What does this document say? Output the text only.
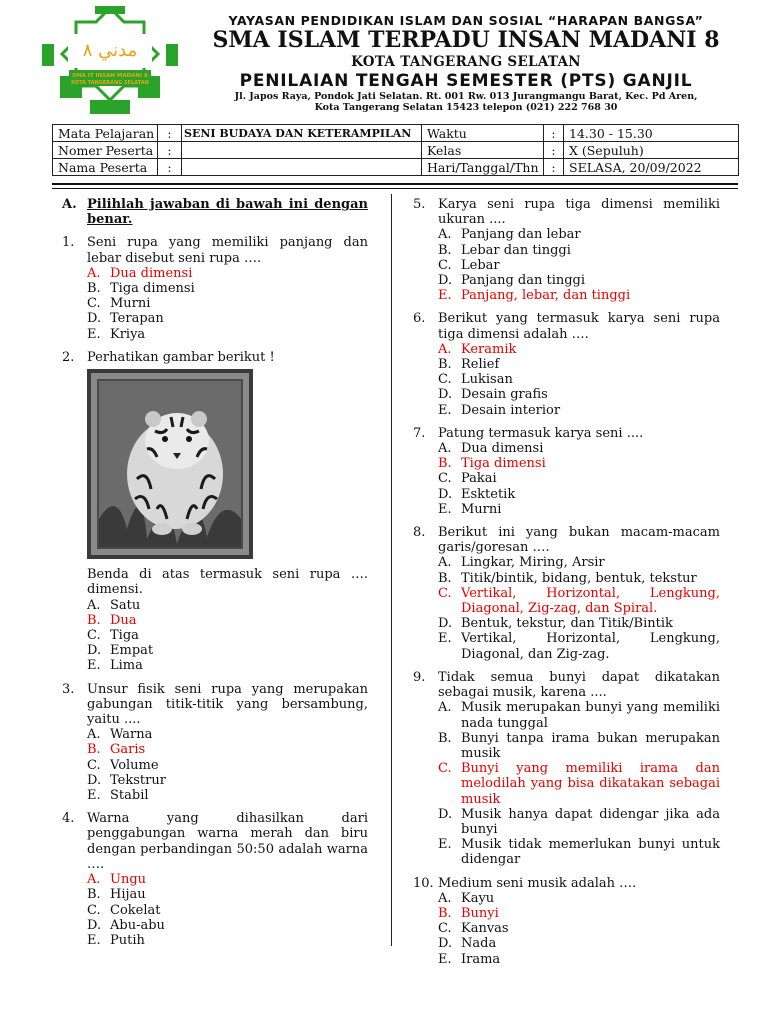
مدني ٨
SMA IT INSAN MADANI 8
KOTA TANGERANG SELATAN
YAYASAN PENDIDIKAN ISLAM DAN SOSIAL “HARAPAN BANGSA”
SMA ISLAM TERPADU INSAN MADANI 8
KOTA TANGERANG SELATAN
PENILAIAN TENGAH SEMESTER (PTS) GANJIL
Jl. Japos Raya, Pondok Jati Selatan. Rt. 001 Rw. 013 Jurangmangu Barat, Kec. Pd Aren,
Kota Tangerang Selatan 15423 telepon (021) 222 768 30
Mata Pelajaran	:	SENI BUDAYA DAN KETERAMPILAN	Waktu	:	14.30 - 15.30
Nomer Peserta	:		Kelas	:	X (Sepuluh)
Nama Peserta	:		Hari/Tanggal/Thn	:	SELASA, 20/09/2022
A. Pilihlah jawaban di bawah ini dengan benar.
1. Seni rupa yang memiliki panjang dan lebar disebut seni rupa ….
A. Dua dimensi
B. Tiga dimensi
C. Murni
D. Terapan
E. Kriya
2. Perhatikan gambar berikut !
Benda di atas termasuk seni rupa …. dimensi.
A. Satu
B. Dua
C. Tiga
D. Empat
E. Lima
3. Unsur fisik seni rupa yang merupakan gabungan titik-titik yang bersambung, yaitu ....
A. Warna
B. Garis
C. Volume
D. Tekstrur
E. Stabil
4. Warna yang dihasilkan dari penggabungan warna merah dan biru dengan perbandingan 50:50 adalah warna ….
A. Ungu
B. Hijau
C. Cokelat
D. Abu-abu
E. Putih
5. Karya seni rupa tiga dimensi memiliki ukuran ....
A. Panjang dan lebar
B. Lebar dan tinggi
C. Lebar
D. Panjang dan tinggi
E. Panjang, lebar, dan tinggi
6. Berikut yang termasuk karya seni rupa tiga dimensi adalah ….
A. Keramik
B. Relief
C. Lukisan
D. Desain grafis
E. Desain interior
7. Patung termasuk karya seni ....
A. Dua dimensi
B. Tiga dimensi
C. Pakai
D. Esktetik
E. Murni
8. Berikut ini yang bukan macam-macam garis/goresan ….
A. Lingkar, Miring, Arsir
B. Titik/bintik, bidang, bentuk, tekstur
C. Vertikal, Horizontal, Lengkung, Diagonal, Zig-zag, dan Spiral.
D. Bentuk, tekstur, dan Titik/Bintik
E. Vertikal, Horizontal, Lengkung, Diagonal, dan Zig-zag.
9. Tidak semua bunyi dapat dikatakan sebagai musik, karena ....
A. Musik merupakan bunyi yang memiliki nada tunggal
B. Bunyi tanpa irama bukan merupakan musik
C. Bunyi yang memiliki irama dan melodilah yang bisa dikatakan sebagai musik
D. Musik hanya dapat didengar jika ada bunyi
E. Musik tidak memerlukan bunyi untuk didengar
10. Medium seni musik adalah ….
A. Kayu
B. Bunyi
C. Kanvas
D. Nada
E. Irama
